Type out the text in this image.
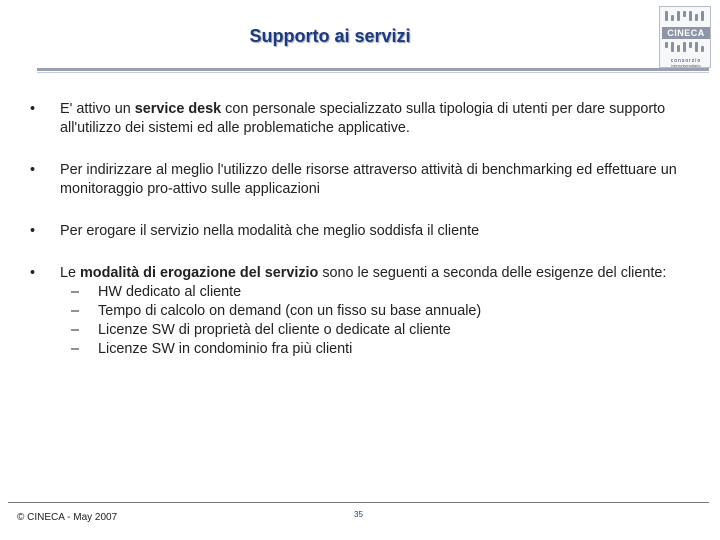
Supporto ai servizi	CINECA
consorzio
interuniversitario
• E' attivo un service desk con personale specializzato sulla tipologia di utenti per dare supporto all'utilizzo dei sistemi ed alle problematiche applicative.
• Per indirizzare al meglio l'utilizzo delle risorse attraverso attività di benchmarking ed effettuare un monitoraggio pro-attivo sulle applicazioni
• Per erogare il servizio nella modalità che meglio soddisfa il cliente
• Le modalità di erogazione del servizio sono le seguenti a seconda delle esigenze del cliente:
– HW dedicato al cliente
– Tempo di calcolo on demand (con un fisso su base annuale)
– Licenze SW di proprietà del cliente o dedicate al cliente
– Licenze SW in condominio fra più clienti
© CINECA - May 2007	35
